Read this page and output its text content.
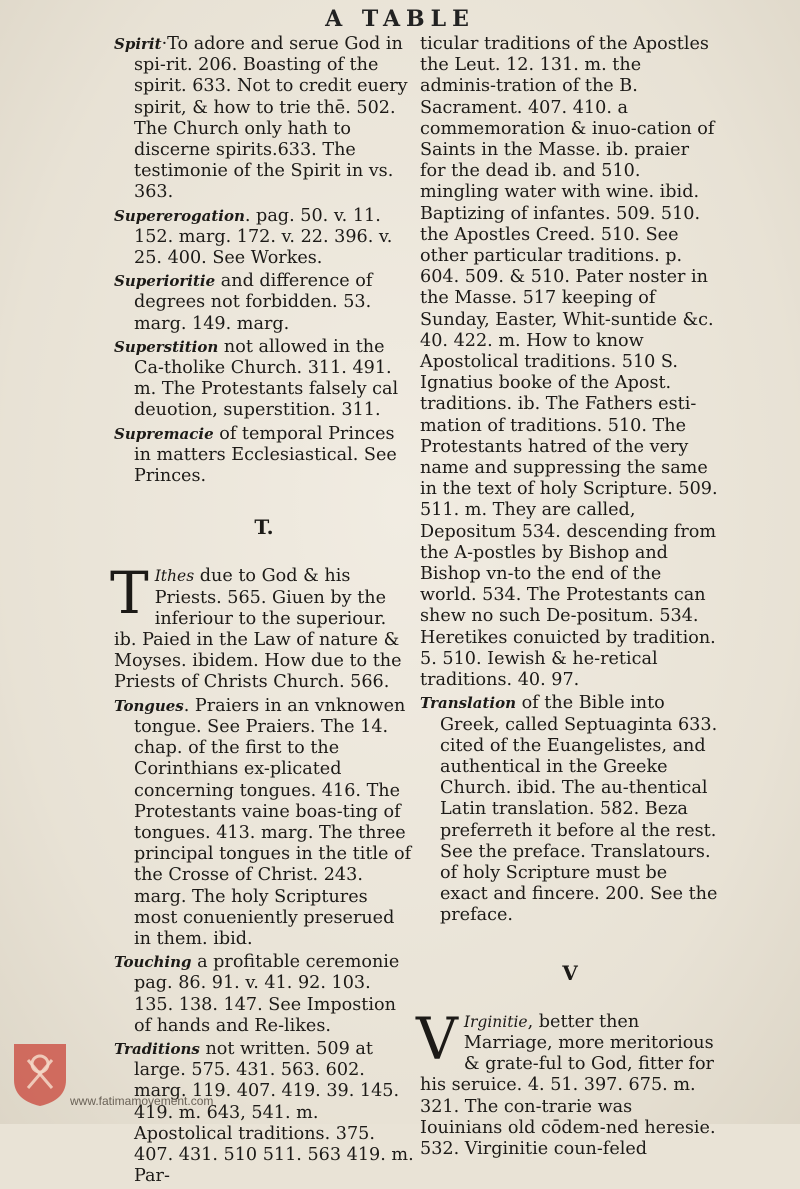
A TABLE
Spirit·To adore and serue God in spi-rit. 206. Boasting of the spirit. 633. Not to credit euery spirit, & how to trie thē. 502. The Church only hath to discerne spirits.633. The testimonie of the Spirit in vs. 363.
Supererogation. pag. 50. v. 11. 152. marg. 172. v. 22. 396. v. 25. 400. See Workes.
Superioritie and difference of degrees not forbidden. 53. marg. 149. marg.
Superstition not allowed in the Ca-tholike Church. 311. 491. m. The Protestants falsely cal deuotion, superstition. 311.
Supremacie of temporal Princes in matters Ecclesiastical. See Princes.
T.
T Ithes due to God & his Priests. 565. Giuen by the inferiour to the superiour. ib. Paied in the Law of nature & Moyses. ibidem. How due to the Priests of Christs Church. 566.
Tongues. Praiers in an vnknowen tongue. See Praiers. The 14. chap. of the first to the Corinthians ex-plicated concerning tongues. 416. The Protestants vaine boas-ting of tongues. 413. marg. The three principal tongues in the title of the Crosse of Christ. 243. marg. The holy Scriptures most conueniently preserued in them. ibid.
Touching a profitable ceremonie pag. 86. 91. v. 41. 92. 103. 135. 138. 147. See Impostion of hands and Re-likes.
Traditions not written. 509 at large. 575. 431. 563. 602. marg. 119. 407. 419. 39. 145. 419. m. 643, 541. m. Apostolical traditions. 375. 407. 431. 510 511. 563 419. m. Par-
ticular traditions of the Apostles the Leut. 12. 131. m. the adminis-tration of the B. Sacrament. 407. 410. a commemoration & inuo-cation of Saints in the Masse. ib. praier for the dead ib. and 510. mingling water with wine. ibid. Baptizing of infantes. 509. 510. the Apostles Creed. 510. See other particular traditions. p. 604. 509. & 510. Pater noster in the Masse. 517 keeping of Sunday, Easter, Whit-suntide &c. 40. 422. m. How to know Apostolical traditions. 510 S. Ignatius booke of the Apost. traditions. ib. The Fathers esti-mation of traditions. 510. The Protestants hatred of the very name and suppressing the same in the text of holy Scripture. 509. 511. m. They are called, Depositum 534. descending from the A-postles by Bishop and Bishop vn-to the end of the world. 534. The Protestants can shew no such De-positum. 534. Heretikes conuicted by tradition. 5. 510. Iewish & he-retical traditions. 40. 97.
Translation of the Bible into Greek, called Septuaginta 633. cited of the Euangelistes, and authentical in the Greeke Church. ibid. The au-thentical Latin translation. 582. Beza preferreth it before al the rest. See the preface. Translatours. of holy Scripture must be exact and fincere. 200. See the preface.
V
V Irginitie, better then Marriage, more meritorious & grate-ful to God, fitter for his seruice. 4. 51. 397. 675. m. 321. The con-trarie was Iouinians old cōdem-ned heresie. 532. Virginitie coun-feled
www.fatimamovement.com
